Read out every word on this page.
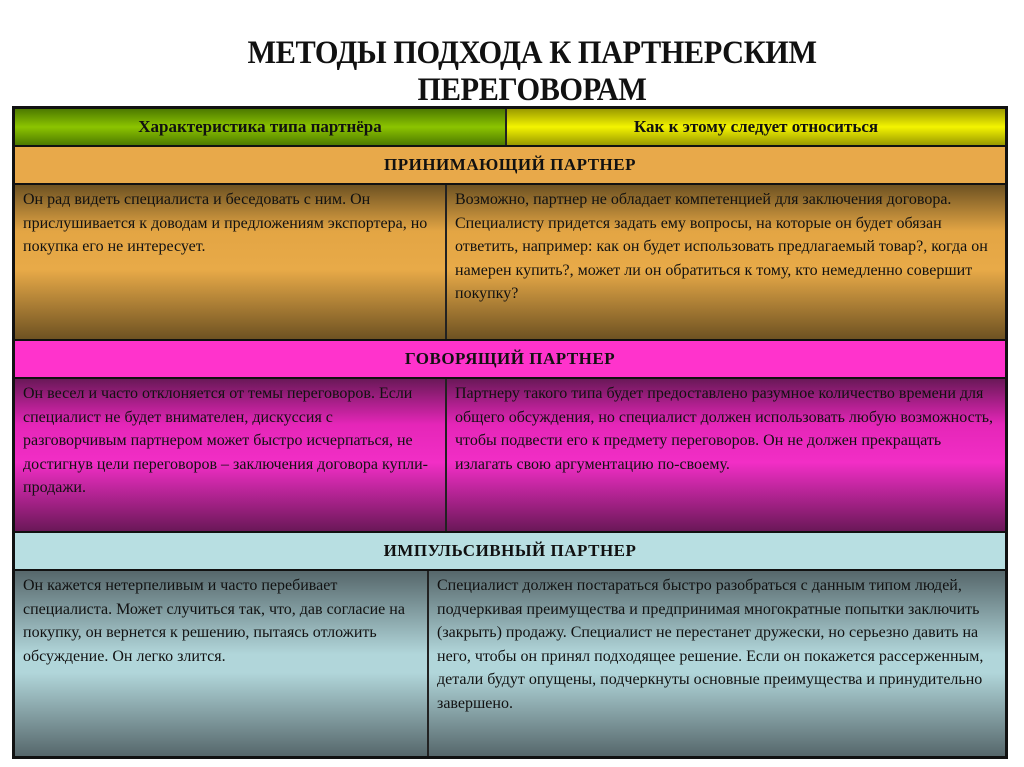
МЕТОДЫ ПОДХОДА К ПАРТНЕРСКИМ
ПЕРЕГОВОРАМ
Характеристика типа партнёра	Как к этому следует относиться
ПРИНИМАЮЩИЙ ПАРТНЕР
Он рад видеть специалиста и беседовать с ним. Он прислушивается к доводам и предложениям экспортера, но покупка его не интересует.
Возможно, партнер не обладает компетенцией для заключения договора. Специалисту придется задать ему вопросы, на которые он будет обязан ответить, например: как он будет использовать предлагаемый товар?, когда он намерен купить?, может ли он обратиться к тому, кто немедленно совершит покупку?
ГОВОРЯЩИЙ ПАРТНЕР
Он весел и часто отклоняется от темы переговоров. Если специалист не будет внимателен, дискуссия с разговорчивым партнером может быстро исчерпаться, не достигнув цели переговоров – заключения договора купли-продажи.
Партнеру такого типа будет предоставлено разумное количество времени для общего обсуждения, но специалист должен использовать любую возможность, чтобы подвести его к предмету переговоров. Он не должен прекращать излагать свою аргументацию по-своему.
ИМПУЛЬСИВНЫЙ ПАРТНЕР
Он кажется нетерпеливым и часто перебивает специалиста. Может случиться так, что, дав согласие на покупку, он вернется к решению, пытаясь отложить обсуждение. Он легко злится.
Специалист должен постараться быстро разобраться с данным типом людей, подчеркивая преимущества и предпринимая многократные попытки заключить (закрыть) продажу. Специалист не перестанет дружески, но серьезно давить на него, чтобы он принял подходящее решение. Если он покажется рассерженным, детали будут опущены, подчеркнуты основные преимущества и принудительно завершено.
